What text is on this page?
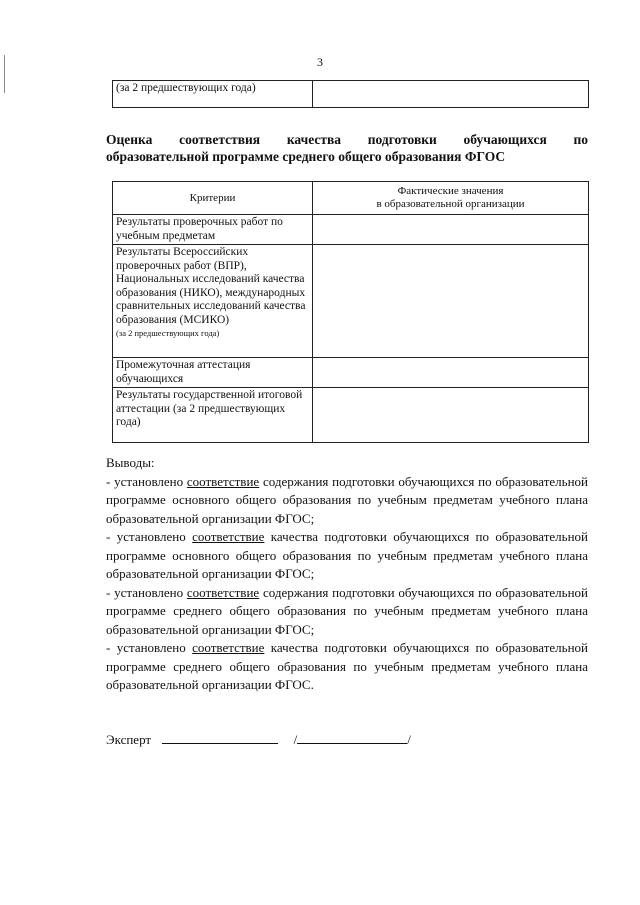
3
(за 2 предшествующих года)	
Оценка соответствия качества подготовки обучающихся по
образовательной программе среднего общего образования ФГОС
Критерии	Фактические значения
в образовательной организации
Результаты проверочных работ по учебным предметам	
Результаты Всероссийских проверочных работ (ВПР), Национальных исследований качества образования (НИКО), международных сравнительных исследований качества образования (МСИКО)
(за 2 предшествующих года)	
Промежуточная аттестация обучающихся	
Результаты государственной итоговой аттестации (за 2 предшествующих года)	

Выводы:

- установлено соответствие содержания подготовки обучающихся по образовательной программе основного общего образования по учебным предметам учебного плана образовательной организации ФГОС;

- установлено соответствие качества подготовки обучающихся по образовательной программе основного общего образования по учебным предметам учебного плана образовательной организации ФГОС;

- установлено соответствие содержания подготовки обучающихся по образовательной программе среднего общего образования по учебным предметам учебного плана образовательной организации ФГОС;

- установлено соответствие качества подготовки обучающихся по образовательной программе среднего общего образования по учебным предметам учебного плана образовательной организации ФГОС.

Эксперт	/	/
